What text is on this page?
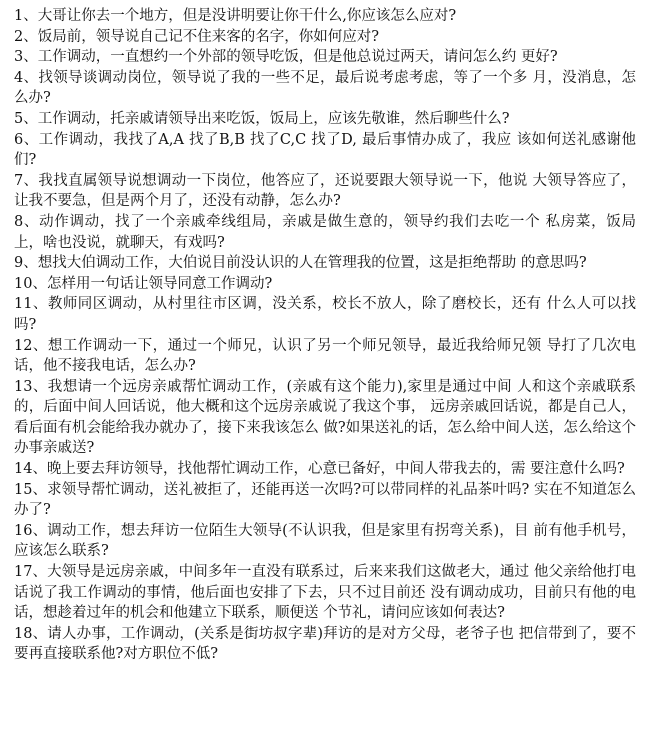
1、大哥让你去一个地方，但是没讲明要让你干什么,你应该怎么应对?

2、饭局前，领导说自己记不住来客的名字，你如何应对?

3、工作调动，一直想约一个外部的领导吃饭，但是他总说过两天，请问怎么约 更好?

4、找领导谈调动岗位，领导说了我的一些不足，最后说考虑考虑，等了一个多 月，没消息，怎么办?

5、工作调动，托亲戚请领导出来吃饭，饭局上，应该先敬谁，然后聊些什么?

6、工作调动，我找了A,A 找了B,B 找了C,C 找了D, 最后事情办成了，我应 该如何送礼感谢他们?

7、我找直属领导说想调动一下岗位，他答应了，还说要跟大领导说一下，他说 大领导答应了，让我不要急，但是两个月了，还没有动静，怎么办?

8、动作调动，找了一个亲戚牵线组局，亲戚是做生意的，领导约我们去吃一个 私房菜，饭局上，啥也没说，就聊天，有戏吗?

9、想找大伯调动工作，大伯说目前没认识的人在管理我的位置，这是拒绝帮助 的意思吗?

10、怎样用一句话让领导同意工作调动?

11、教师同区调动，从村里往市区调，没关系，校长不放人，除了磨校长，还有 什么人可以找吗?

12、想工作调动一下，通过一个师兄，认识了另一个师兄领导，最近我给师兄领 导打了几次电话，他不接我电话，怎么办?

13、我想请一个远房亲戚帮忙调动工作，(亲戚有这个能力),家里是通过中间 人和这个亲戚联系的，后面中间人回话说，他大概和这个远房亲戚说了我这个事， 远房亲戚回话说，都是自己人，看后面有机会能给我办就办了，接下来我该怎么 做?如果送礼的话，怎么给中间人送，怎么给这个办事亲戚送?

14、晚上要去拜访领导，找他帮忙调动工作，心意已备好，中间人带我去的，需 要注意什么吗?

15、求领导帮忙调动，送礼被拒了，还能再送一次吗?可以带同样的礼品茶叶吗? 实在不知道怎么办了?

16、调动工作，想去拜访一位陌生大领导(不认识我，但是家里有拐弯关系)，目 前有他手机号，应该怎么联系?

17、大领导是远房亲戚，中间多年一直没有联系过，后来来我们这做老大，通过 他父亲给他打电话说了我工作调动的事情，他后面也安排了下去，只不过目前还 没有调动成功，目前只有他的电话，想趁着过年的机会和他建立下联系，顺便送 个节礼，请问应该如何表达?

18、请人办事，工作调动，(关系是街坊叔字辈)拜访的是对方父母，老爷子也 把信带到了，要不要再直接联系他?对方职位不低?
